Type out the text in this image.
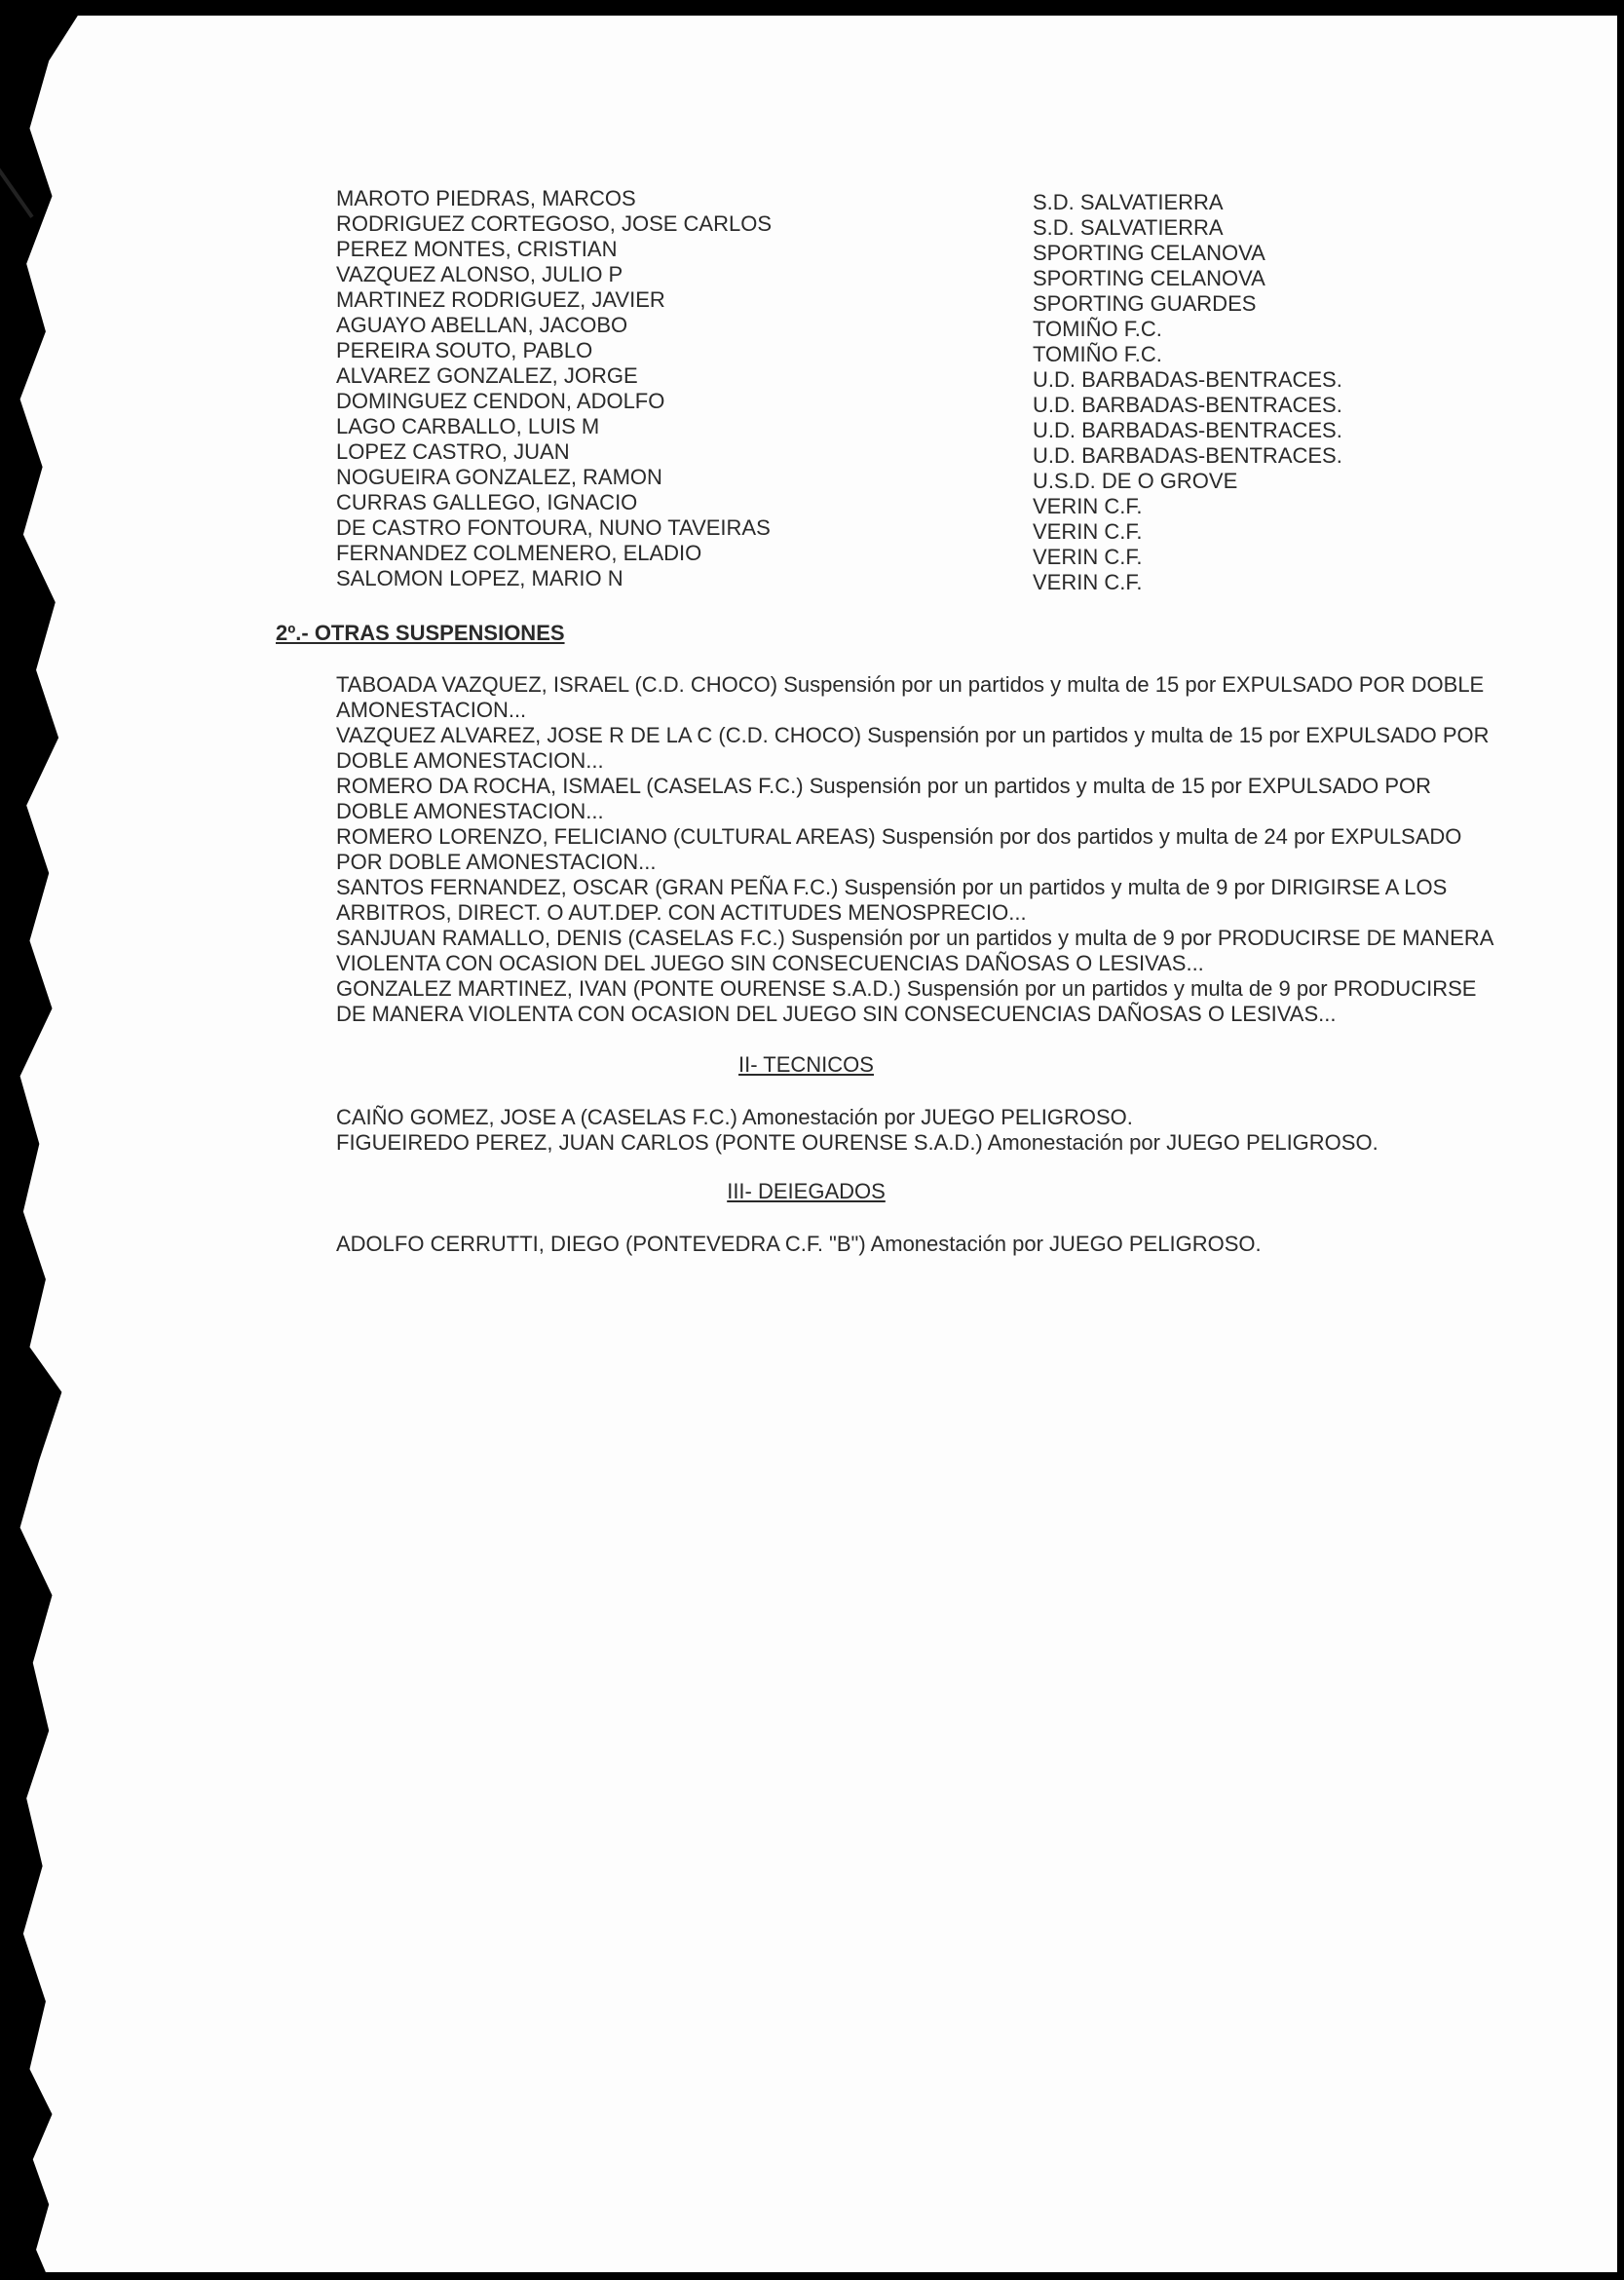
MAROTO PIEDRAS, MARCOS
RODRIGUEZ CORTEGOSO, JOSE CARLOS
PEREZ MONTES, CRISTIAN
VAZQUEZ ALONSO, JULIO P
MARTINEZ RODRIGUEZ, JAVIER
AGUAYO ABELLAN, JACOBO
PEREIRA SOUTO, PABLO
ALVAREZ GONZALEZ, JORGE
DOMINGUEZ CENDON, ADOLFO
LAGO CARBALLO, LUIS M
LOPEZ CASTRO, JUAN
NOGUEIRA GONZALEZ, RAMON
CURRAS GALLEGO, IGNACIO
DE CASTRO FONTOURA, NUNO TAVEIRAS
FERNANDEZ COLMENERO, ELADIO
SALOMON LOPEZ, MARIO N
S.D. SALVATIERRA
S.D. SALVATIERRA
SPORTING CELANOVA
SPORTING CELANOVA
SPORTING GUARDES
TOMIÑO F.C.
TOMIÑO F.C.
U.D. BARBADAS-BENTRACES.
U.D. BARBADAS-BENTRACES.
U.D. BARBADAS-BENTRACES.
U.D. BARBADAS-BENTRACES.
U.S.D. DE O GROVE
VERIN C.F.
VERIN C.F.
VERIN C.F.
VERIN C.F.
2º.- OTRAS SUSPENSIONES
TABOADA VAZQUEZ, ISRAEL (C.D. CHOCO) Suspensión por un partidos y multa de 15 por EXPULSADO POR DOBLE
AMONESTACION...
VAZQUEZ ALVAREZ, JOSE R DE LA C (C.D. CHOCO) Suspensión por un partidos y multa de 15 por EXPULSADO POR
DOBLE AMONESTACION...
ROMERO DA ROCHA, ISMAEL (CASELAS F.C.) Suspensión por un partidos y multa de 15 por EXPULSADO POR
DOBLE AMONESTACION...
ROMERO LORENZO, FELICIANO (CULTURAL AREAS) Suspensión por dos partidos y multa de 24 por EXPULSADO
POR DOBLE AMONESTACION...
SANTOS FERNANDEZ, OSCAR (GRAN PEÑA F.C.) Suspensión por un partidos y multa de 9 por DIRIGIRSE A LOS
ARBITROS, DIRECT. O AUT.DEP. CON ACTITUDES MENOSPRECIO...
SANJUAN RAMALLO, DENIS (CASELAS F.C.) Suspensión por un partidos y multa de 9 por PRODUCIRSE DE MANERA
VIOLENTA CON OCASION DEL JUEGO SIN CONSECUENCIAS DAÑOSAS O LESIVAS...
GONZALEZ MARTINEZ, IVAN (PONTE OURENSE S.A.D.) Suspensión por un partidos y multa de 9 por PRODUCIRSE
DE MANERA VIOLENTA CON OCASION DEL JUEGO SIN CONSECUENCIAS DAÑOSAS O LESIVAS...
II- TECNICOS
CAIÑO GOMEZ, JOSE A (CASELAS F.C.) Amonestación por JUEGO PELIGROSO.
FIGUEIREDO PEREZ, JUAN CARLOS (PONTE OURENSE S.A.D.) Amonestación por JUEGO PELIGROSO.
III- DEIEGADOS
ADOLFO CERRUTTI, DIEGO (PONTEVEDRA C.F. "B") Amonestación por JUEGO PELIGROSO.
